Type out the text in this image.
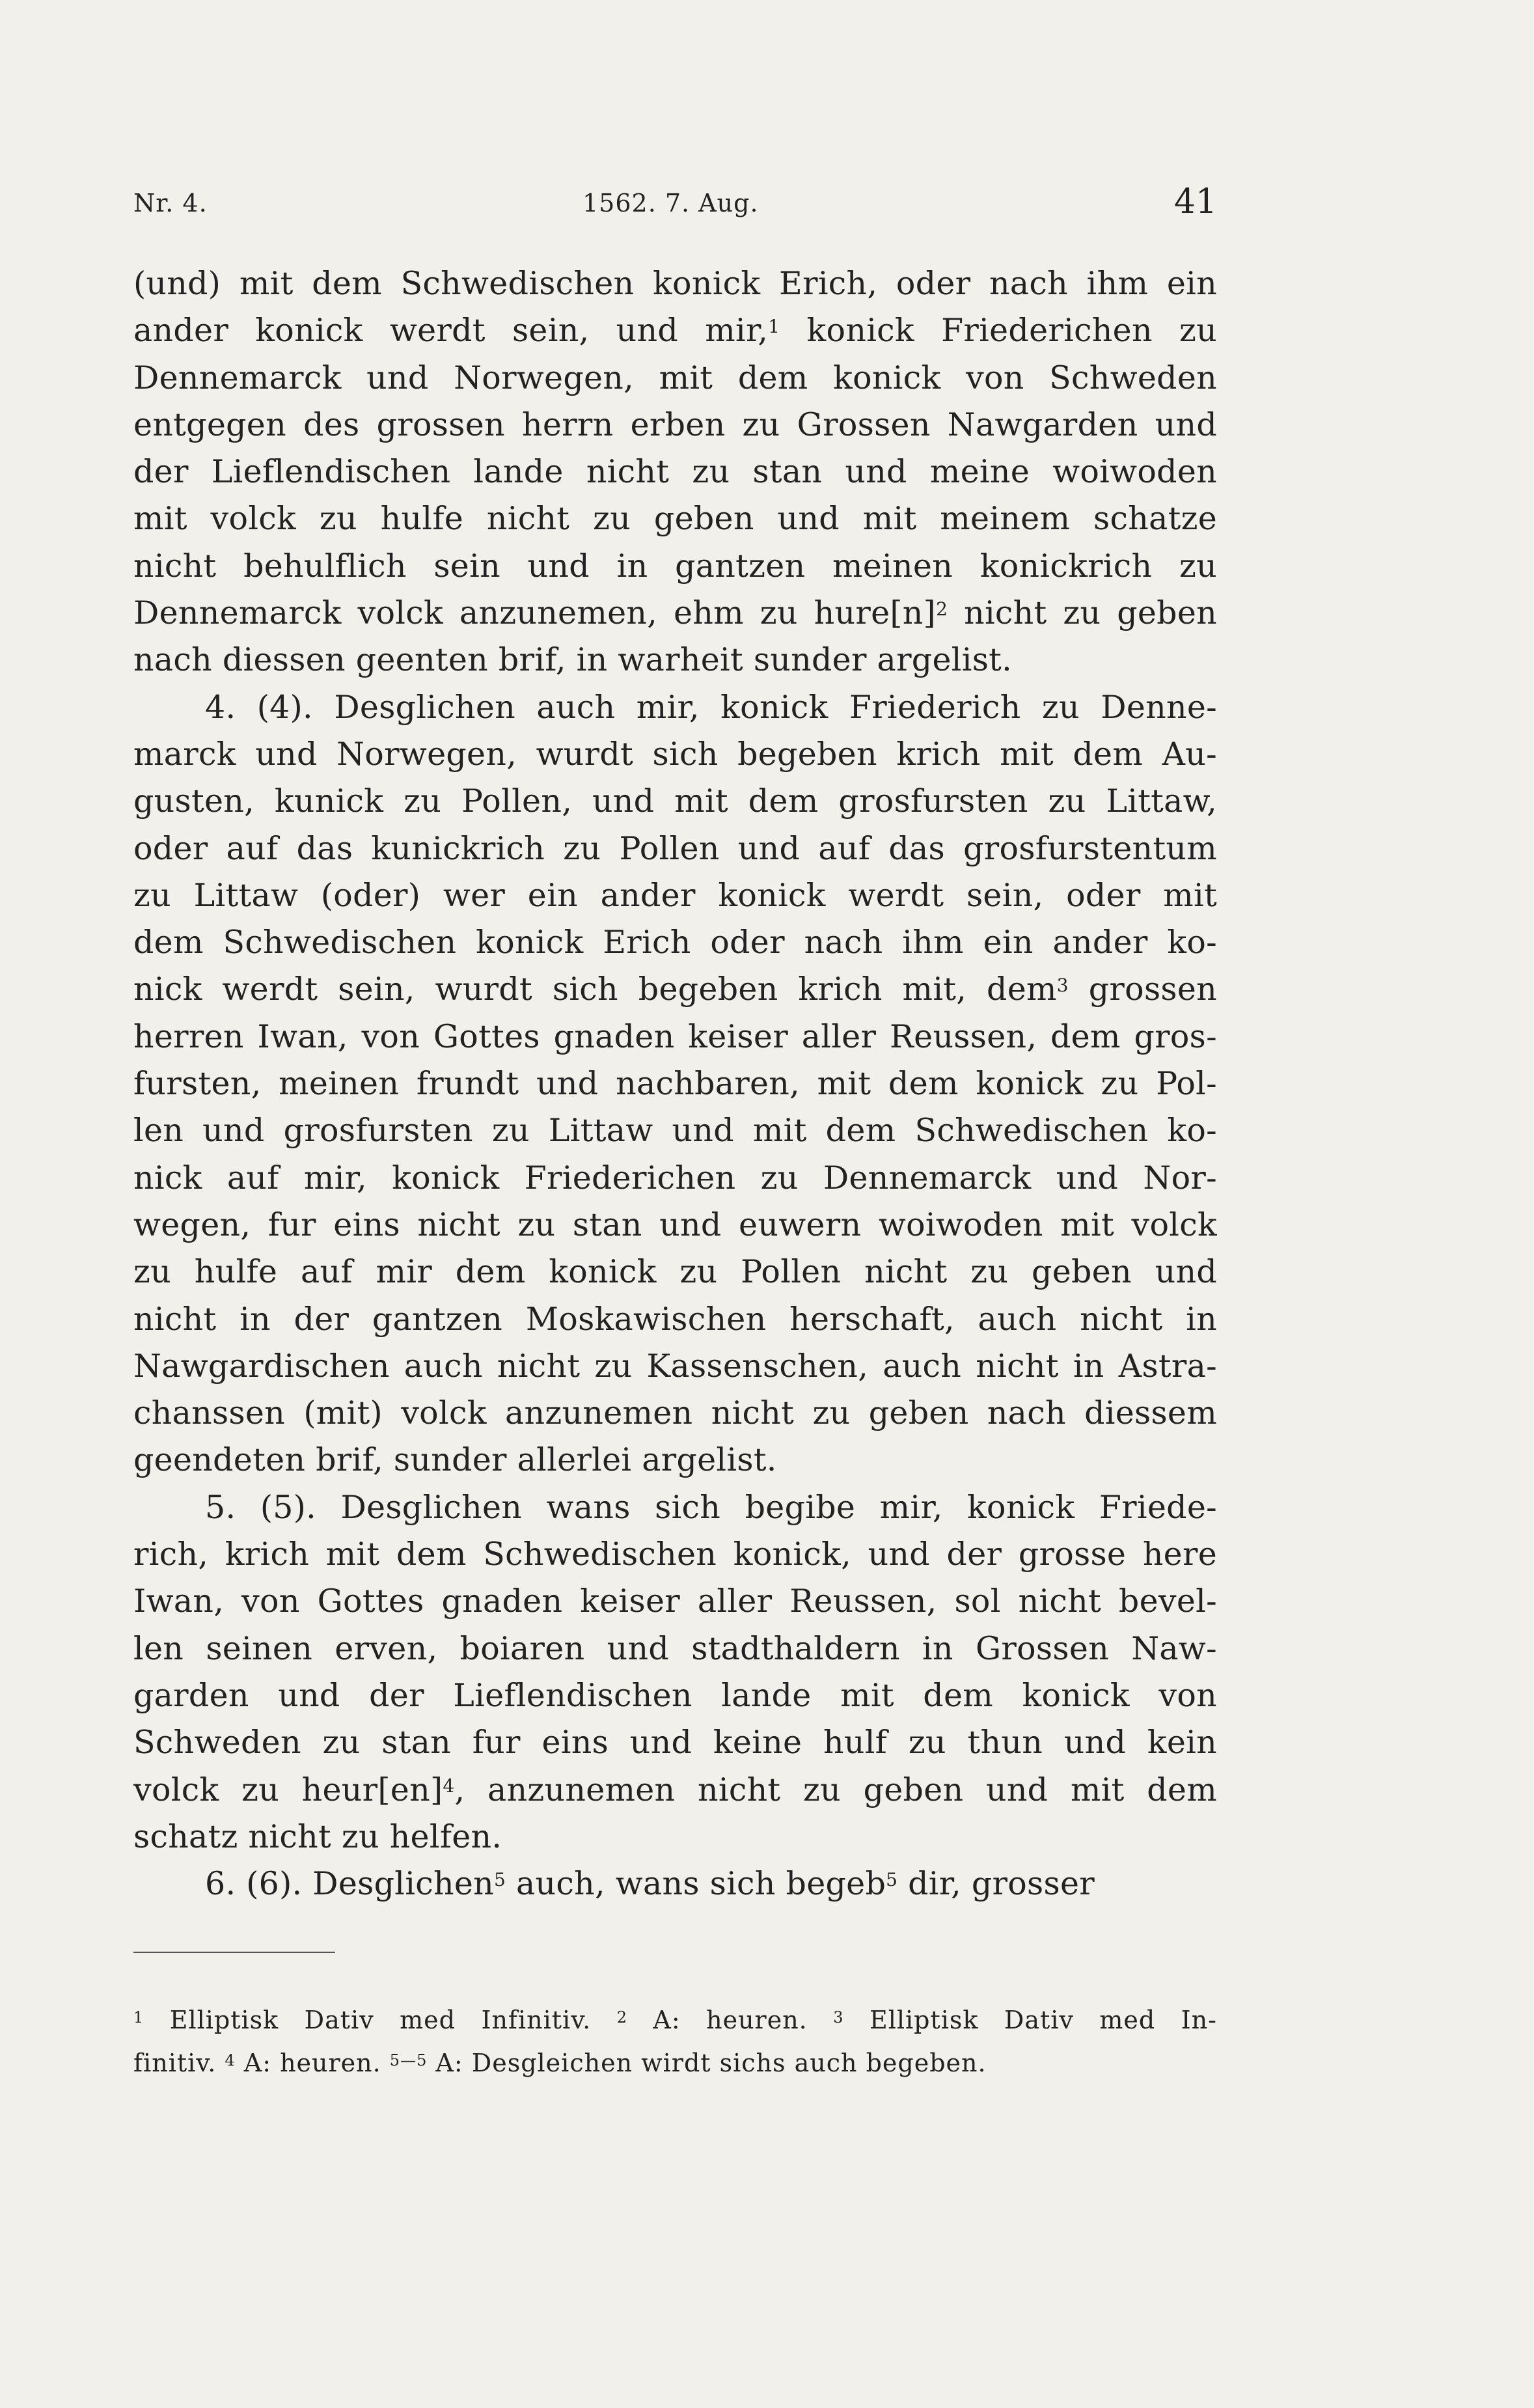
Nr. 4.	1562. 7. Aug.	41
(und) mit dem Schwedischen konick Erich, oder nach ihm ein
ander konick werdt sein, und mir,$^1$ konick Friederichen zu
Dennemarck und Norwegen, mit dem konick von Schweden
entgegen des grossen herrn erben zu Grossen Nawgarden und
der Lieflendischen lande nicht zu stan und meine woiwoden
mit volck zu hulfe nicht zu geben und mit meinem schatze
nicht behulflich sein und in gantzen meinen konickrich zu
Dennemarck volck anzunemen, ehm zu $hure[n]^2$ nicht zu geben
nach diessen geenten brif, in warheit sunder argelist.
4. (4). Desglichen auch mir, konick Friederich zu Denne-
marck und Norwegen, wurdt sich begeben krich mit dem Au-
gusten, kunick zu Pollen, und mit dem grosfursten zu Littaw,
oder auf das kunickrich zu Pollen und auf das grosfurstentum
zu Littaw (oder) wer ein ander konick werdt sein, oder mit
dem Schwedischen konick Erich oder nach ihm ein ander ko-
nick werdt sein, wurdt sich begeben krich mit, dem$^3$ grossen
herren Iwan, von Gottes gnaden keiser aller Reussen, dem gros-
fursten, meinen frundt und nachbaren, mit dem konick zu Pol-
len und grosfursten zu Littaw und mit dem Schwedischen ko-
nick auf mir, konick Friederichen zu Dennemarck und Nor-
wegen, fur eins nicht zu stan und euwern woiwoden mit volck
zu hulfe auf mir dem konick zu Pollen nicht zu geben und
nicht in der gantzen Moskawischen herschaft, auch nicht in
Nawgardischen auch nicht zu Kassenschen, auch nicht in Astra-
chanssen (mit) volck anzunemen nicht zu geben nach diessem
geendeten brif, sunder allerlei argelist.
5. (5). Desglichen wans sich begibe mir, konick Friede-
rich, krich mit dem Schwedischen konick, und der grosse here
Iwan, von Gottes gnaden keiser aller Reussen, sol nicht bevel-
len seinen erven, boiaren und stadthaldern in Grossen Naw-
garden und der Lieflendischen lande mit dem konick von
Schweden zu stan fur eins und keine hulf zu thun und kein
volck zu heur[en]$^4$, anzunemen nicht zu geben und mit dem
schatz nicht zu helfen.
6. (6). Desglichen$^5$ auch, wans sich begeb$^5$ dir, grosser
$^1$ Elliptisk Dativ med Infinitiv. $^2$ A: heuren. $^3$ Elliptisk Dativ med In-
finitiv. $^4$ A: heuren. $^{5—5}$ A: Desgleichen wirdt sichs auch begeben.
